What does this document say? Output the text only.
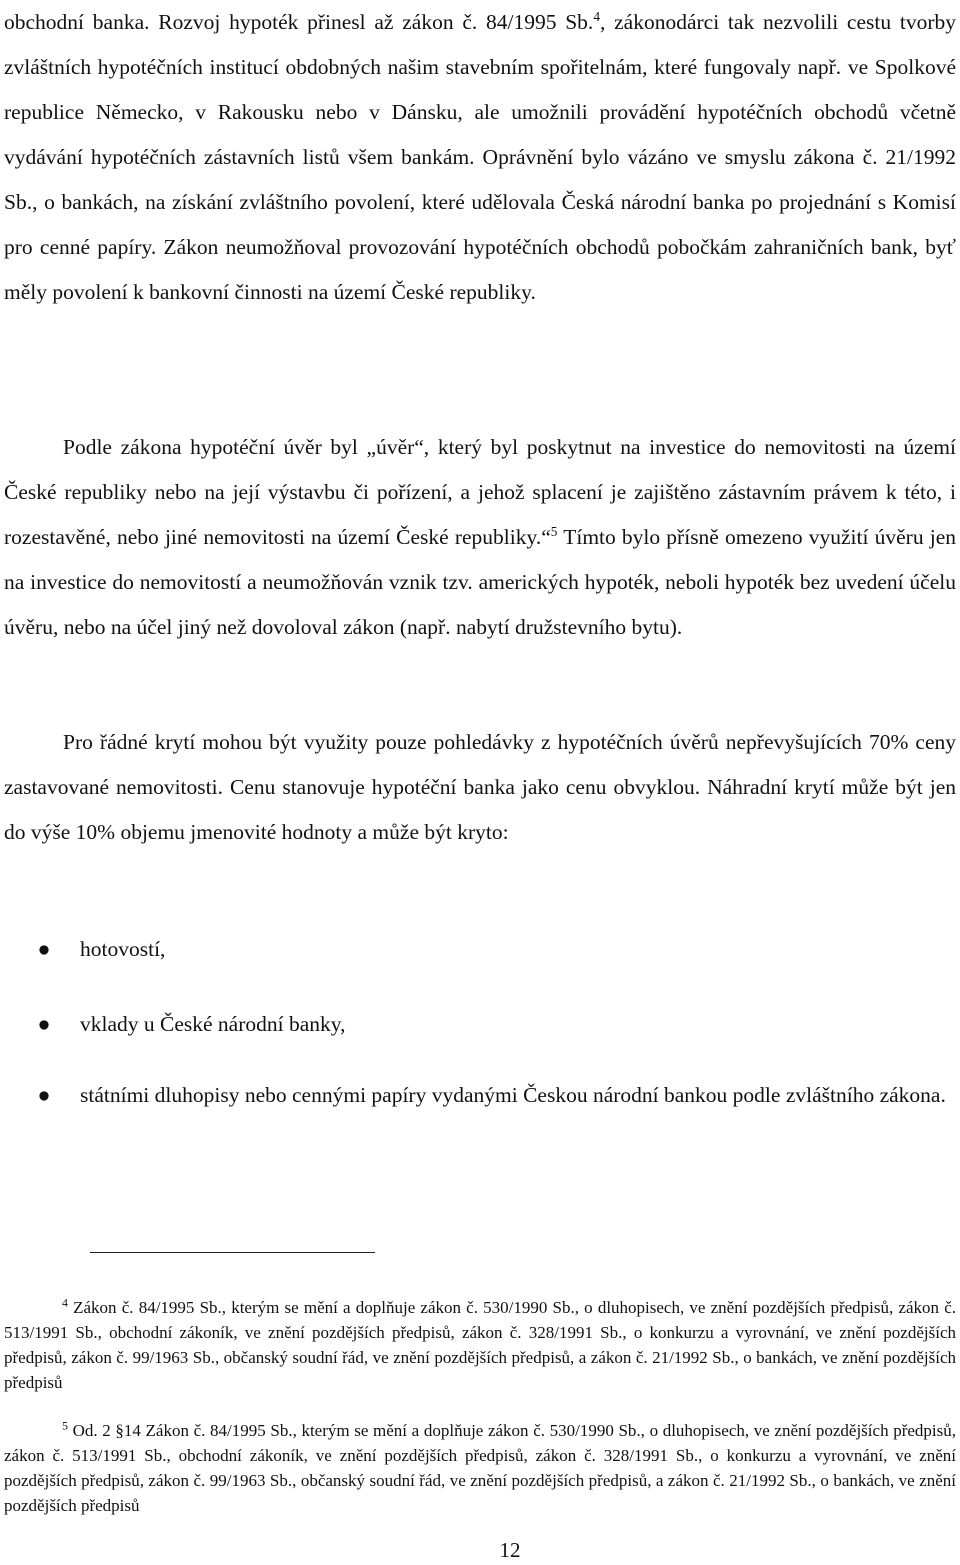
obchodní banka. Rozvoj hypoték přinesl až zákon č. 84/1995 Sb.$^4$, zákonodárci tak nezvolili cestu tvorby zvláštních hypotéčních institucí obdobných našim stavebním spořitelnám, které fungovaly např. ve Spolkové republice Německo, v Rakousku nebo v Dánsku, ale umožnili provádění hypotéčních obchodů včetně vydávání hypotéčních zástavních listů všem bankám. Oprávnění bylo vázáno ve smyslu zákona č. 21/1992 Sb., o bankách, na získání zvláštního povolení, které udělovala Česká národní banka po projednání s Komisí pro cenné papíry. Zákon neumožňoval provozování hypotéčních obchodů pobočkám zahraničních bank, byť měly povolení k bankovní činnosti na území České republiky.

Podle zákona hypotéční úvěr byl „úvěr“, který byl poskytnut na investice do nemovitosti na území České republiky nebo na její výstavbu či pořízení, a jehož splacení je zajištěno zástavním právem k této, i rozestavěné, nebo jiné nemovitosti na území České republiky.“$^5$ Tímto bylo přísně omezeno využití úvěru jen na investice do nemovitostí a neumožňován vznik tzv. amerických hypoték, neboli hypoték bez uvedení účelu úvěru, nebo na účel jiný než dovoloval zákon (např. nabytí družstevního bytu).

Pro řádné krytí mohou být využity pouze pohledávky z hypotéčních úvěrů nepřevyšujících 70% ceny zastavované nemovitosti. Cenu stanovuje hypotéční banka jako cenu obvyklou. Náhradní krytí může být jen do výše 10% objemu jmenovité hodnoty a může být kryto:

● hotovostí,
● vklady u České národní banky,
● státními dluhopisy nebo cennými papíry vydanými Českou národní bankou podle zvláštního zákona.

$^4$ Zákon č. 84/1995 Sb., kterým se mění a doplňuje zákon č. 530/1990 Sb., o dluhopisech, ve znění pozdějších předpisů, zákon č. 513/1991 Sb., obchodní zákoník, ve znění pozdějších předpisů, zákon č. 328/1991 Sb., o konkurzu a vyrovnání, ve znění pozdějších předpisů, zákon č. 99/1963 Sb., občanský soudní řád, ve znění pozdějších předpisů, a zákon č. 21/1992 Sb., o bankách, ve znění pozdějších předpisů

$^5$ Od. 2 §14 Zákon č. 84/1995 Sb., kterým se mění a doplňuje zákon č. 530/1990 Sb., o dluhopisech, ve znění pozdějších předpisů, zákon č. 513/1991 Sb., obchodní zákoník, ve znění pozdějších předpisů, zákon č. 328/1991 Sb., o konkurzu a vyrovnání, ve znění pozdějších předpisů, zákon č. 99/1963 Sb., občanský soudní řád, ve znění pozdějších předpisů, a zákon č. 21/1992 Sb., o bankách, ve znění pozdějších předpisů

12
